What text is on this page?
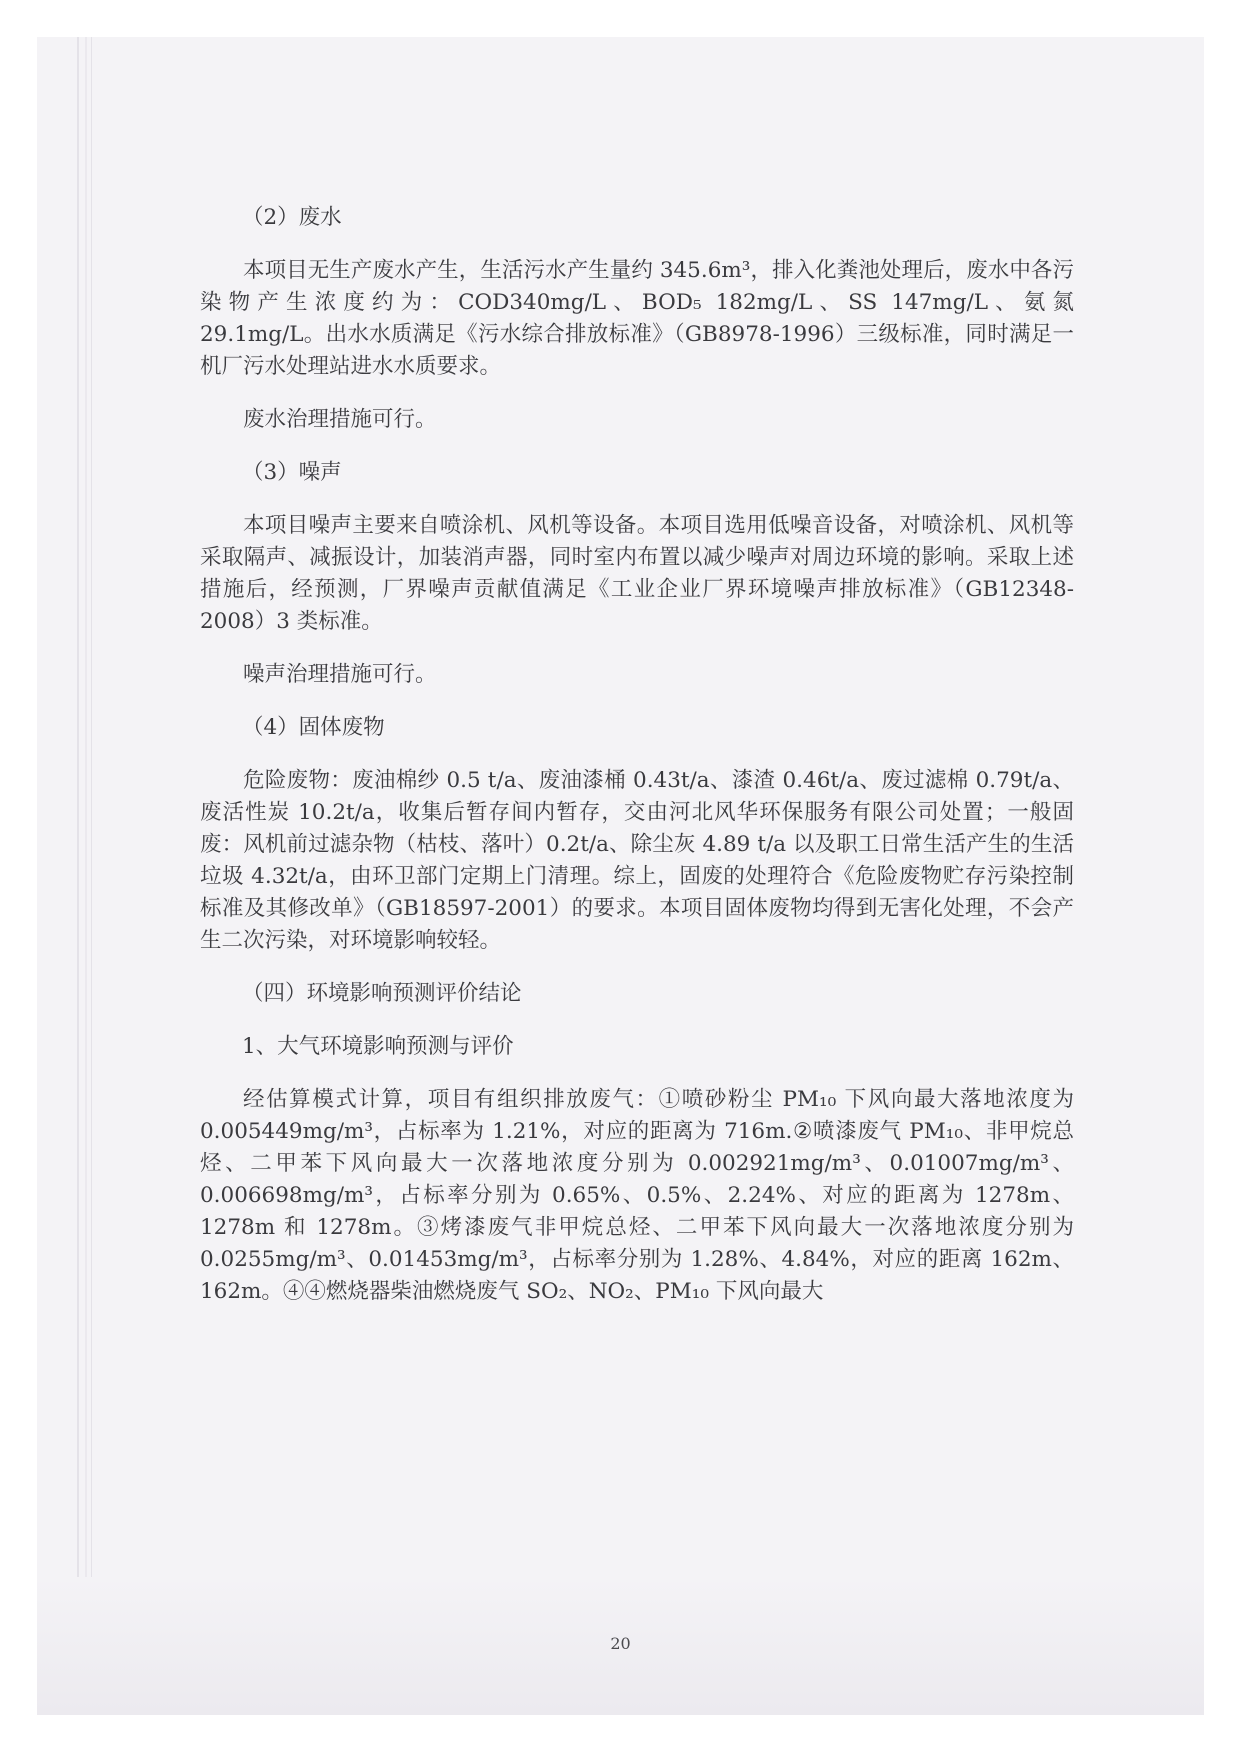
（2）废水

本项目无生产废水产生，生活污水产生量约 345.6m³，排入化粪池处理后，废水中各污染物产生浓度约为：COD340mg/L、BOD₅ 182mg/L、SS 147mg/L、氨氮 29.1mg/L。出水水质满足《污水综合排放标准》（GB8978-1996）三级标准，同时满足一机厂污水处理站进水水质要求。

废水治理措施可行。

（3）噪声

本项目噪声主要来自喷涂机、风机等设备。本项目选用低噪音设备，对喷涂机、风机等采取隔声、减振设计，加装消声器，同时室内布置以减少噪声对周边环境的影响。采取上述措施后，经预测，厂界噪声贡献值满足《工业企业厂界环境噪声排放标准》（GB12348-2008）3 类标准。

噪声治理措施可行。

（4）固体废物

危险废物：废油棉纱 0.5 t/a、废油漆桶 0.43t/a、漆渣 0.46t/a、废过滤棉 0.79t/a、废活性炭 10.2t/a，收集后暂存间内暂存，交由河北风华环保服务有限公司处置；一般固废：风机前过滤杂物（枯枝、落叶）0.2t/a、除尘灰 4.89 t/a 以及职工日常生活产生的生活垃圾 4.32t/a，由环卫部门定期上门清理。综上，固废的处理符合《危险废物贮存污染控制标准及其修改单》（GB18597-2001）的要求。本项目固体废物均得到无害化处理，不会产生二次污染，对环境影响较轻。

（四）环境影响预测评价结论

1、大气环境影响预测与评价

经估算模式计算，项目有组织排放废气：①喷砂粉尘 PM₁₀ 下风向最大落地浓度为 0.005449mg/m³，占标率为 1.21%，对应的距离为 716m.②喷漆废气 PM₁₀、非甲烷总烃、二甲苯下风向最大一次落地浓度分别为 0.002921mg/m³、0.01007mg/m³、0.006698mg/m³，占标率分别为 0.65%、0.5%、2.24%、对应的距离为 1278m、1278m 和 1278m。③烤漆废气非甲烷总烃、二甲苯下风向最大一次落地浓度分别为 0.0255mg/m³、0.01453mg/m³，占标率分别为 1.28%、4.84%，对应的距离 162m、162m。④④燃烧器柴油燃烧废气 SO₂、NO₂、PM₁₀ 下风向最大

20
